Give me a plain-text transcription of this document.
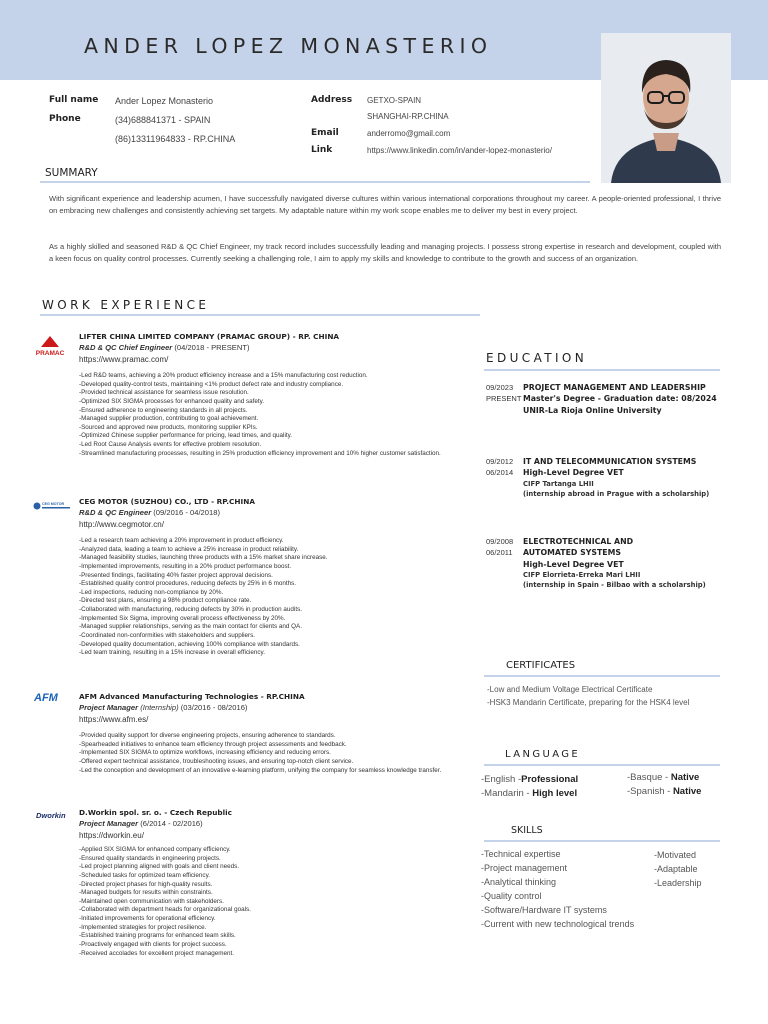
ANDER LOPEZ MONASTERIO
Full name Ander Lopez Monasterio
Phone	(34)688841371 - SPAIN
(86)13311964833 - RP.CHINA
Address GETXO-SPAIN
SHANGHAI-RP.CHINA
Email	anderromo@gmail.com
Link	https://www.linkedin.com/in/ander-lopez-monasterio/
SUMMARY
With significant experience and leadership acumen, I have successfully navigated diverse cultures within various international corporations throughout my career. A people-oriented professional, I thrive on embracing new challenges and consistently achieving set targets. My adaptable nature within my work scope enables me to deliver my best in every project.
As a highly skilled and seasoned R&D & QC Chief Engineer, my track record includes successfully leading and managing projects. I possess strong expertise in research and development, coupled with a keen focus on quality control processes. Currently seeking a challenging role, I aim to apply my skills and knowledge to contribute to the growth and success of an organization.
WORK EXPERIENCE
PRAMAC
LIFTER CHINA LIMITED COMPANY (PRAMAC GROUP) - RP. CHINA
R&D & QC Chief Engineer (04/2018 - PRESENT)
https://www.pramac.com/
-Led R&D teams, achieving a 20% product efficiency increase and a 15% manufacturing cost reduction.
-Developed quality-control tests, maintaining <1% product defect rate and industry compliance.
-Provided technical assistance for seamless issue resolution.
-Optimized SIX SIGMA processes for enhanced quality and safety.
-Ensured adherence to engineering standards in all projects.
-Managed supplier production, contributing to goal achievement.
-Sourced and approved new products, monitoring supplier KPIs.
-Optimized Chinese supplier performance for pricing, lead times, and quality.
-Led Root Cause Analysis events for effective problem resolution.
-Streamlined manufacturing processes, resulting in 25% production efficiency improvement and 10% higher customer satisfaction.
CEG MOTOR CEG MOTOR (SUZHOU) CO., LTD - RP.CHINA
R&D & QC Engineer (09/2016 - 04/2018)
http://www.cegmotor.cn/
-Led a research team achieving a 20% improvement in product efficiency.
-Analyzed data, leading a team to achieve a 25% increase in product reliability.
-Managed feasibility studies, launching three products with a 15% market share increase.
-Implemented improvements, resulting in a 20% product performance boost.
-Presented findings, facilitating 40% faster project approval decisions.
-Established quality control procedures, reducing defects by 25% in 6 months.
-Led inspections, reducing non-compliance by 20%.
-Directed test plans, ensuring a 98% product compliance rate.
-Collaborated with manufacturing, reducing defects by 30% in production audits.
-Implemented Six Sigma, improving overall process effectiveness by 20%.
-Managed supplier relationships, serving as the main contact for clients and QA.
-Coordinated non-conformities with stakeholders and suppliers.
-Developed quality documentation, achieving 100% compliance with standards.
-Led team training, resulting in a 15% increase in overall efficiency.
AFM	AFM Advanced Manufacturing Technologies - RP.CHINA
Project Manager (Internship) (03/2016 - 08/2016)
https://www.afm.es/
-Provided quality support for diverse engineering projects, ensuring adherence to standards.
-Spearheaded initiatives to enhance team efficiency through project assessments and feedback.
-Implemented SIX SIGMA to optimize workflows, increasing efficiency and reducing errors.
-Offered expert technical assistance, troubleshooting issues, and ensuring top-notch client service.
-Led the conception and development of an innovative e-learning platform, unifying the company for seamless knowledge transfer.
Dworkin D.Workin spol. sr. o. - Czech Republic
Project Manager (6/2014 - 02/2016)
https://dworkin.eu/
-Applied SIX SIGMA for enhanced company efficiency.
-Ensured quality standards in engineering projects.
-Led project planning aligned with goals and client needs.
-Scheduled tasks for optimized team efficiency.
-Directed project phases for high-quality results.
-Managed budgets for results within constraints.
-Maintained open communication with stakeholders.
-Collaborated with department heads for organizational goals.
-Initiated improvements for operational efficiency.
-Implemented strategies for project resilience.
-Established training programs for enhanced team skills.
-Proactively engaged with clients for project success.
-Received accolades for excellent project management.
EDUCATION
09/2023
PRESENT
PROJECT MANAGEMENT AND LEADERSHIP
Master's Degree - Graduation date: 08/2024
UNIR-La Rioja Online University
09/2012
06/2014
IT AND TELECOMMUNICATION SYSTEMS
High-Level Degree VET
CIFP Tartanga LHII
(internship abroad in Prague with a scholarship)
09/2008
06/2011
ELECTROTECHNICAL AND AUTOMATED SYSTEMS
High-Level Degree VET
CIFP Elorrieta-Erreka Mari LHII
(internship in Spain - Bilbao with a scholarship)
CERTIFICATES
-Low and Medium Voltage Electrical Certificate
-HSK3 Mandarin Certificate, preparing for the HSK4 level
LANGUAGE
-English -Professional
-Mandarin - High level
-Basque - Native
-Spanish - Native
SKILLS
-Technical expertise
-Project management
-Analytical thinking
-Quality control
-Software/Hardware IT systems
-Current with new technological trends
-Motivated
-Adaptable
-Leadership
